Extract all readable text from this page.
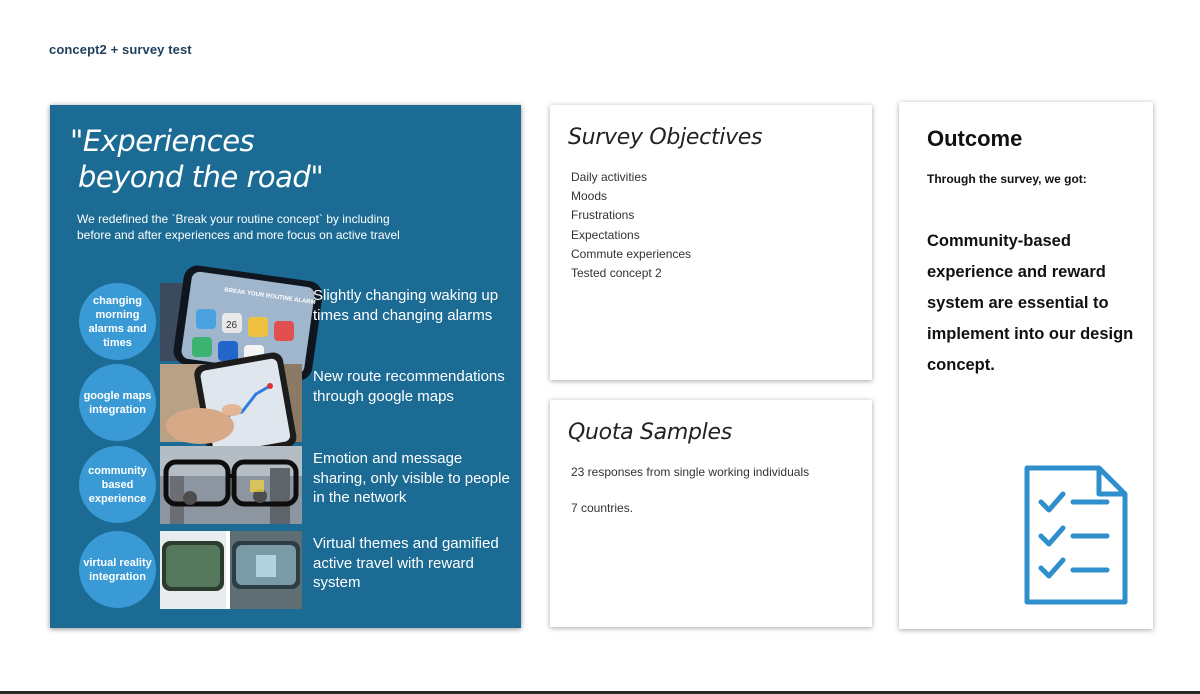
concept2 + survey test
"Experiences
beyond the road"
We redefined the `Break your routine concept` by including before and after experiences and more focus on active travel
changing morning alarms and times
BREAK YOUR ROUTINE ALARM
26
Slightly changing waking up times and changing alarms
google maps integration
New route recommendations through google maps
community based experience
Emotion and message sharing, only visible to people in the network
virtual reality integration
Virtual themes and gamified active travel with reward system
Survey Objectives
Daily activities
Moods
Frustrations
Expectations
Commute experiences
Tested concept 2
Quota Samples
23 responses from single working individuals
7 countries.
Outcome
Through the survey, we got:
Community-based experience and reward system are essential to implement into our design concept.
